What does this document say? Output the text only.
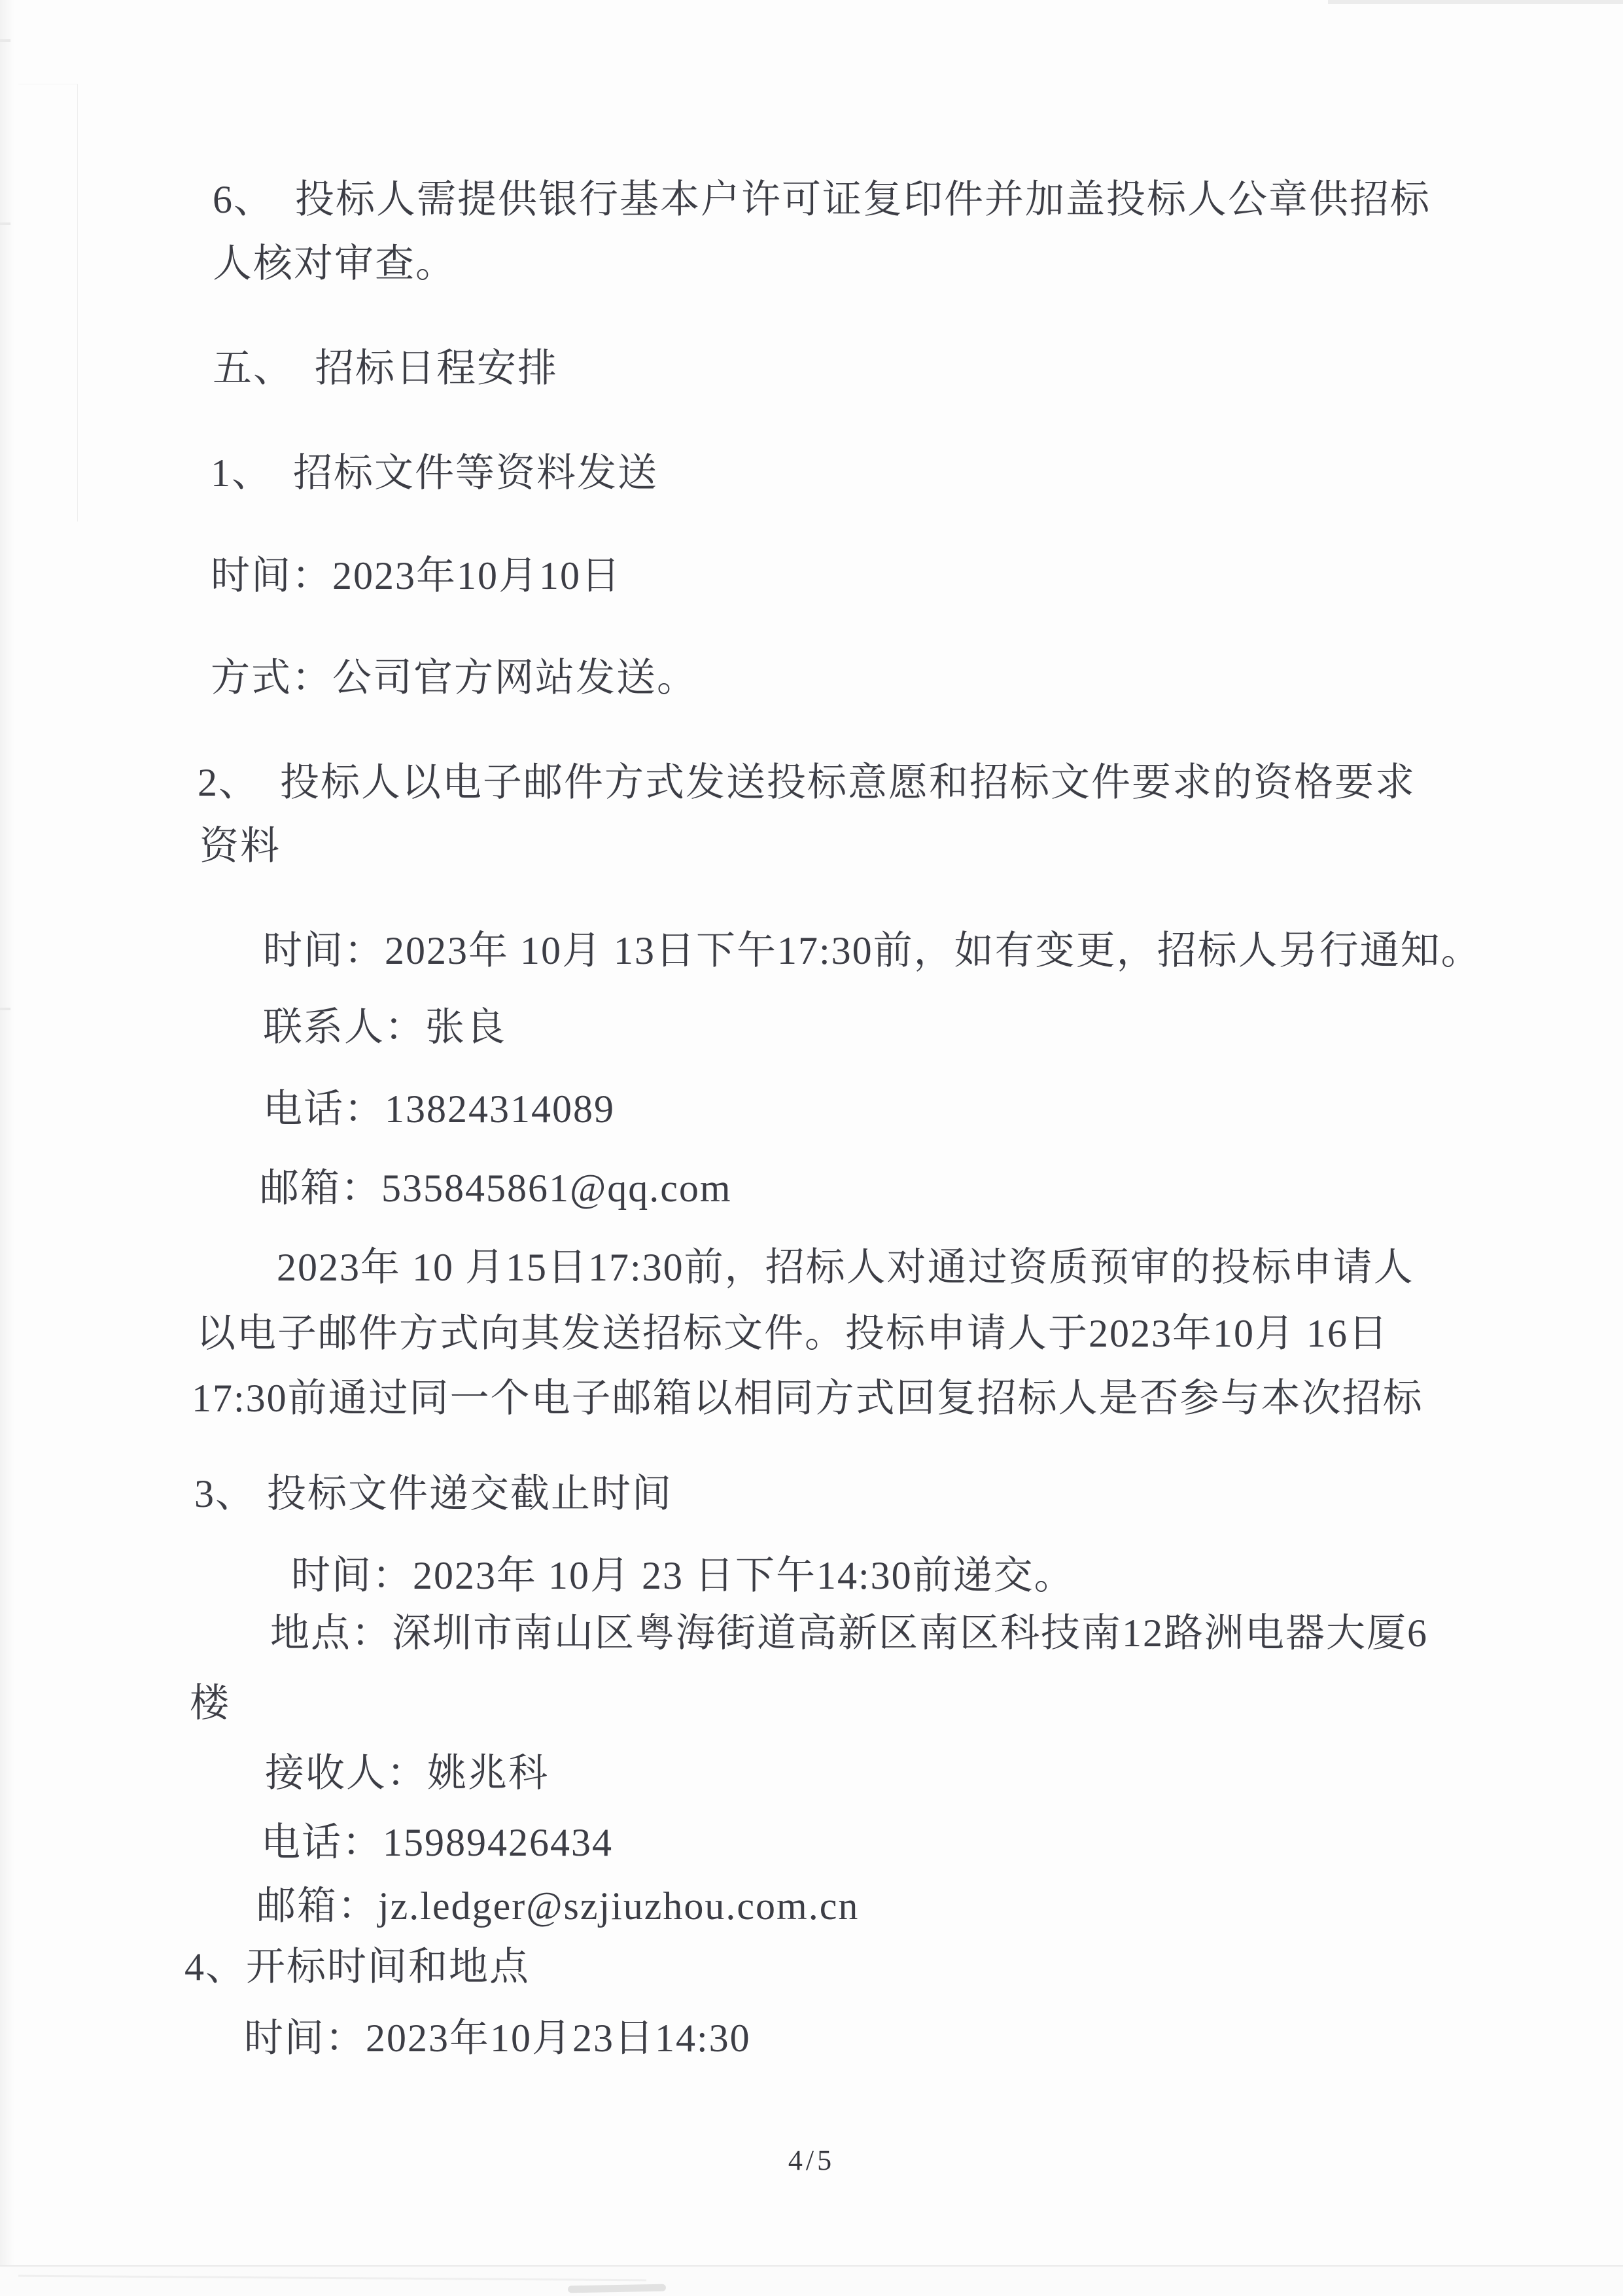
6、　投标人需提供银行基本户许可证复印件并加盖投标人公章供招标
人核对审查。
五、　招标日程安排
1、　招标文件等资料发送
时间：2023年10月10日
方式：公司官方网站发送。
2、　投标人以电子邮件方式发送投标意愿和招标文件要求的资格要求
资料
时间：2023年 10月 13日下午17:30前，如有变更，招标人另行通知。
联系人：张良
电话：13824314089
邮箱：535845861@qq.com
2023年 10 月15日17:30前，招标人对通过资质预审的投标申请人
以电子邮件方式向其发送招标文件。投标申请人于2023年10月 16日
17:30前通过同一个电子邮箱以相同方式回复招标人是否参与本次招标
3、 投标文件递交截止时间
时间：2023年 10月 23 日下午14:30前递交。
地点：深圳市南山区粤海街道高新区南区科技南12路洲电器大厦6
楼
接收人：姚兆科
电话：15989426434
邮箱：jz.ledger@szjiuzhou.com.cn
4、开标时间和地点
时间：2023年10月23日14:30
4/5
